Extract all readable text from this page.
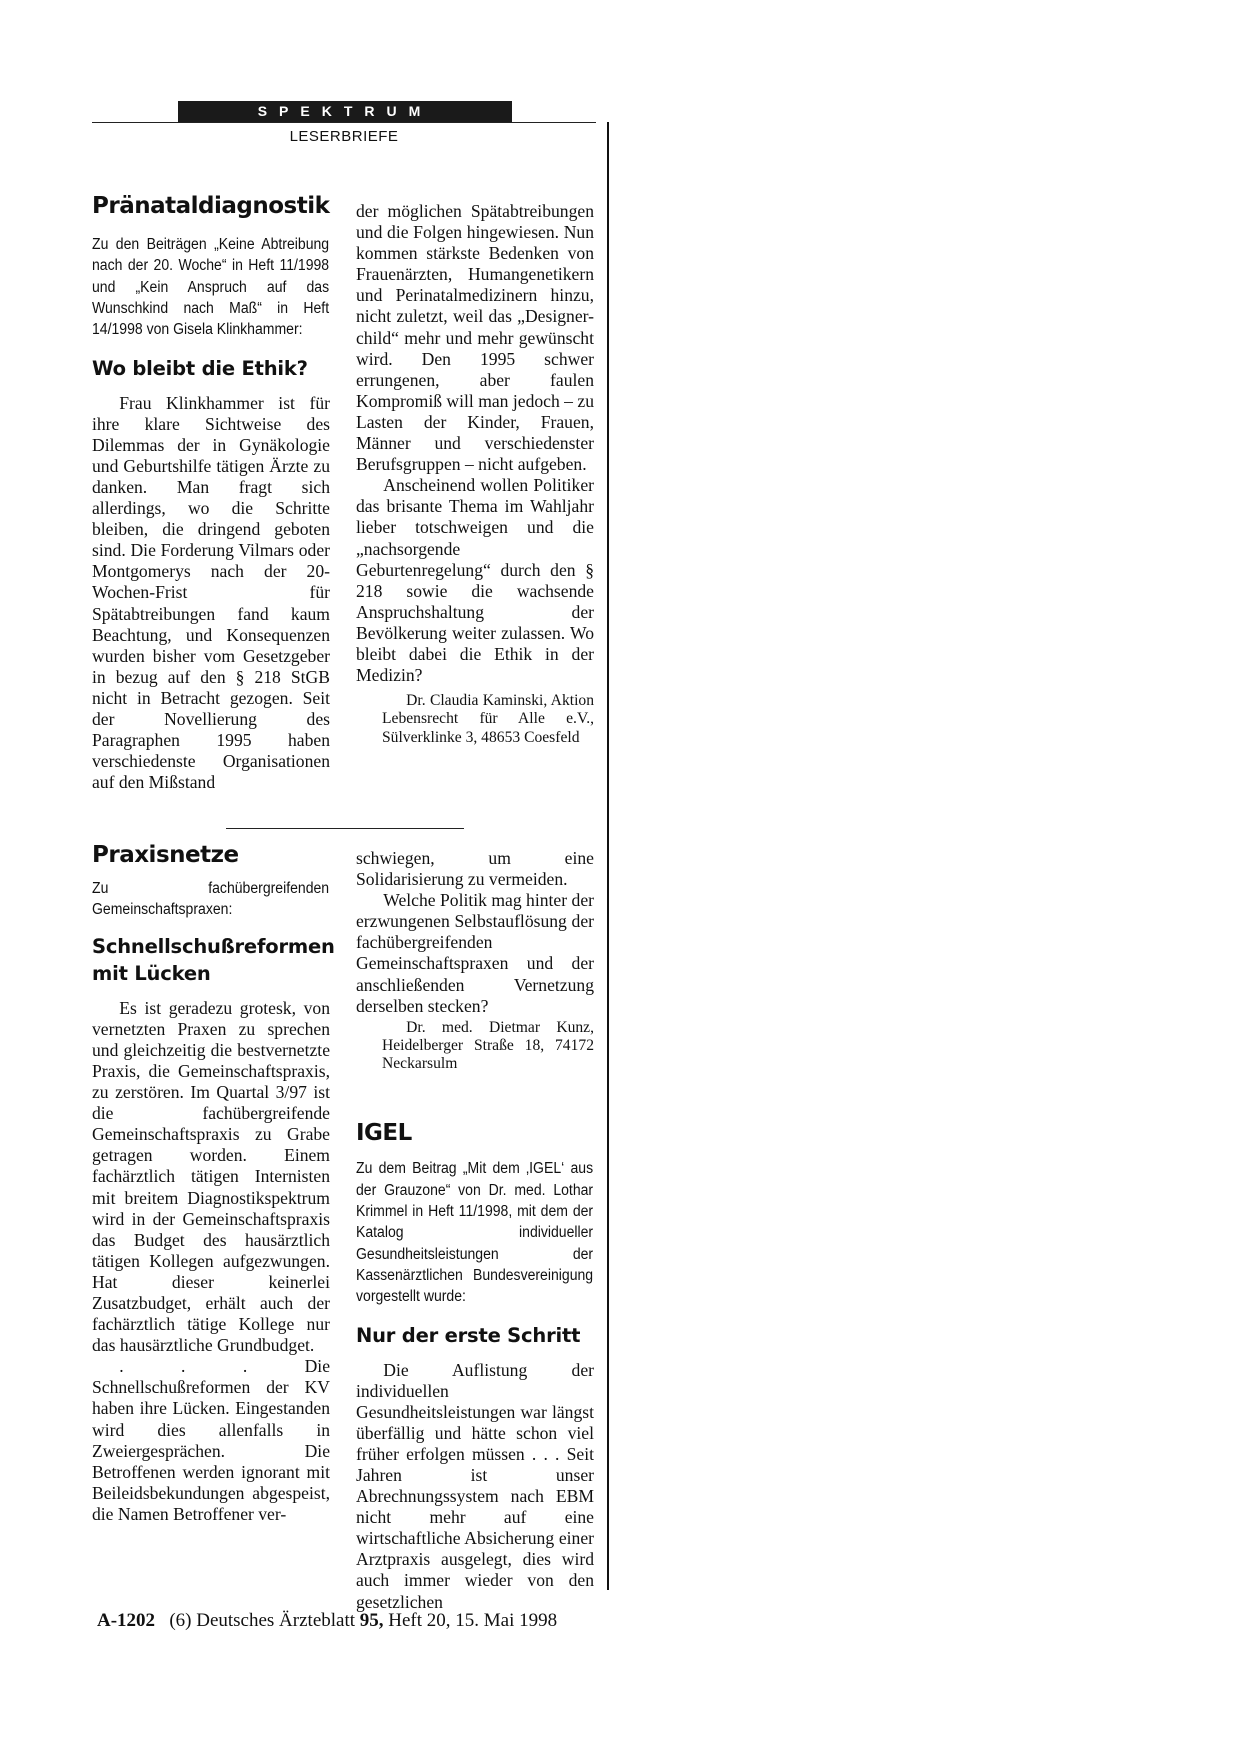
SPEKTRUM
LESERBRIEFE
Pränataldiagnostik
Zu den Beiträgen „Keine Abtreibung nach der 20. Woche“ in Heft 11/1998 und „Kein Anspruch auf das Wunschkind nach Maß“ in Heft 14/1998 von Gisela Klinkhammer:
Wo bleibt die Ethik?

Frau Klinkhammer ist für ihre klare Sichtweise des Dilemmas der in Gynäkologie und Geburtshilfe tätigen Ärzte zu danken. Man fragt sich allerdings, wo die Schritte bleiben, die dringend geboten sind. Die Forderung Vilmars oder Montgomerys nach der 20-Wochen-Frist für Spätabtreibungen fand kaum Beachtung, und Konsequenzen wurden bisher vom Gesetzgeber in bezug auf den § 218 StGB nicht in Betracht gezogen. Seit der Novellierung des Paragraphen 1995 haben verschiedenste Organisationen auf den Mißstand

der möglichen Spätabtreibungen und die Folgen hingewiesen. Nun kommen stärkste Bedenken von Frauenärzten, Humangenetikern und Perinatalmedizinern hinzu, nicht zuletzt, weil das „Designer-child“ mehr und mehr gewünscht wird. Den 1995 schwer errungenen, aber faulen Kompromiß will man jedoch – zu Lasten der Kinder, Frauen, Männer und verschiedenster Berufsgruppen – nicht aufgeben.

Anscheinend wollen Politiker das brisante Thema im Wahljahr lieber totschweigen und die „nachsorgende Geburtenregelung“ durch den § 218 sowie die wachsende Anspruchshaltung der Bevölkerung weiter zulassen. Wo bleibt dabei die Ethik in der Medizin?

Dr. Claudia Kaminski, Aktion Lebensrecht für Alle e.V., Sülverklinke 3, 48653 Coesfeld

Praxisnetze
Zu fachübergreifenden Gemeinschaftspraxen:
Schnellschußreformen mit Lücken

Es ist geradezu grotesk, von vernetzten Praxen zu sprechen und gleichzeitig die bestvernetzte Praxis, die Gemeinschaftspraxis, zu zerstören. Im Quartal 3/97 ist die fachübergreifende Gemeinschaftspraxis zu Grabe getragen worden. Einem fachärztlich tätigen Internisten mit breitem Diagnostikspektrum wird in der Gemeinschaftspraxis das Budget des hausärztlich tätigen Kollegen aufgezwungen. Hat dieser keinerlei Zusatzbudget, erhält auch der fachärztlich tätige Kollege nur das hausärztliche Grundbudget.

. . . Die Schnellschußreformen der KV haben ihre Lücken. Eingestanden wird dies allenfalls in Zweiergesprächen. Die Betroffenen werden ignorant mit Beileidsbekundungen abgespeist, die Namen Betroffener ver-

schwiegen, um eine Solidarisierung zu vermeiden.

Welche Politik mag hinter der erzwungenen Selbstauflösung der fachübergreifenden Gemeinschaftspraxen und der anschließenden Vernetzung derselben stecken?

Dr. med. Dietmar Kunz, Heidelberger Straße 18, 74172 Neckarsulm

IGEL
Zu dem Beitrag „Mit dem ‚IGEL‘ aus der Grauzone“ von Dr. med. Lothar Krimmel in Heft 11/1998, mit dem der Katalog individueller Gesundheitsleistungen der Kassenärztlichen Bundesvereinigung vorgestellt wurde:
Nur der erste Schritt

Die Auflistung der individuellen Gesundheitsleistungen war längst überfällig und hätte schon viel früher erfolgen müssen . . . Seit Jahren ist unser Abrechnungssystem nach EBM nicht mehr auf eine wirtschaftliche Absicherung einer Arztpraxis ausgelegt, dies wird auch immer wieder von den gesetzlichen

A-1202 (6) Deutsches Ärzteblatt 95, Heft 20, 15. Mai 1998
